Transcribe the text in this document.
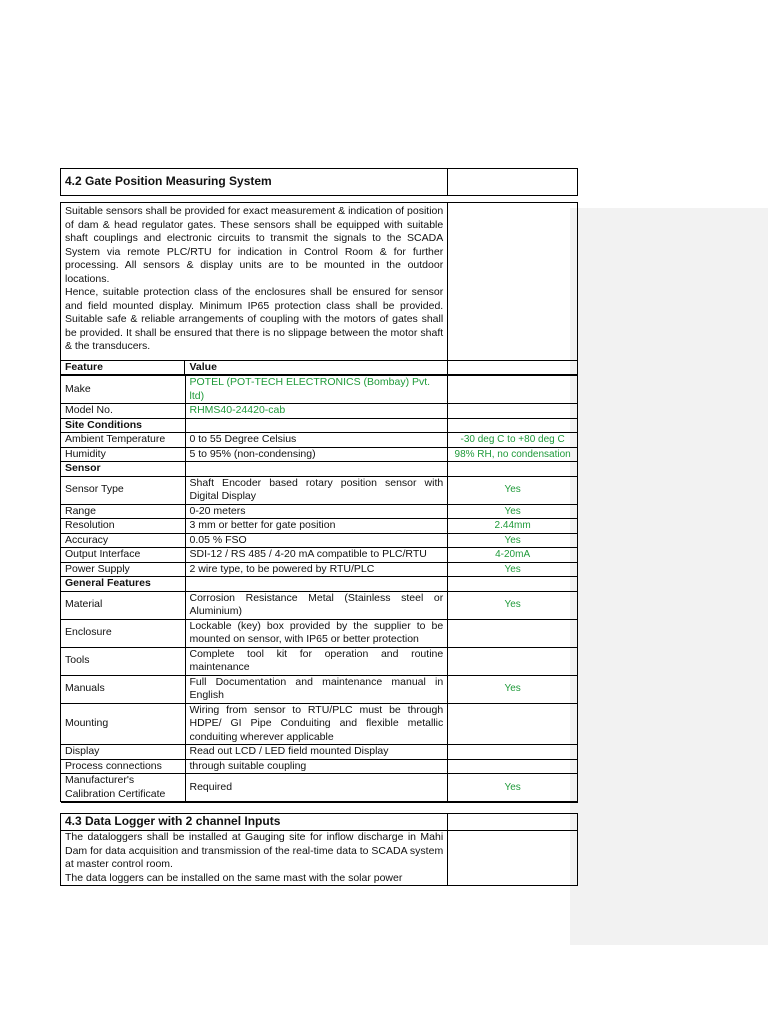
4.2 Gate Position Measuring System		

Suitable sensors shall be provided for exact measurement & indication of position of dam & head regulator gates. These sensors shall be equipped with suitable shaft couplings and electronic circuits to transmit the signals to the SCADA System via remote PLC/RTU for indication in Control Room & for further processing. All sensors & display units are to be mounted in the outdoor locations.
Hence, suitable protection class of the enclosures shall be ensured for sensor and field mounted display. Minimum IP65 protection class shall be provided. Suitable safe & reliable arrangements of coupling with the motors of gates shall be provided. It shall be ensured that there is no slippage between the motor shaft & the transducers.		
Feature	Value	
Make	POTEL (POT-TECH ELECTRONICS (Bombay) Pvt. ltd)	
Model No.	RHMS40-24420-cab	
Site Conditions		
Ambient Temperature	0 to 55 Degree Celsius	-30 deg C to +80 deg C
Humidity	5 to 95% (non-condensing)	98% RH, no condensation
Sensor		
Sensor Type	Shaft Encoder based rotary position sensor with Digital Display	Yes
Range	0-20 meters	Yes
Resolution	3 mm or better for gate position	2.44mm
Accuracy	0.05 % FSO	Yes
Output Interface	SDI-12 / RS 485 / 4-20 mA compatible to PLC/RTU	4-20mA
Power Supply	2 wire type, to be powered by RTU/PLC	Yes
General Features		
Material	Corrosion Resistance Metal (Stainless steel or Aluminium)	Yes
Enclosure	Lockable (key) box provided by the supplier to be mounted on sensor, with IP65 or better protection	
Tools	Complete tool kit for operation and routine maintenance	
Manuals	Full Documentation and maintenance manual in English	Yes
Mounting	Wiring from sensor to RTU/PLC must be through HDPE/ GI Pipe Conduiting and flexible metallic conduiting wherever applicable	
Display	Read out LCD / LED field mounted Display	
Process connections	through suitable coupling	
Manufacturer's Calibration Certificate	Required	Yes

4.3 Data Logger with 2 channel Inputs	
The dataloggers shall be installed at Gauging site for inflow discharge in Mahi Dam for data acquisition and transmission of the real-time data to SCADA system at master control room.
The data loggers can be installed on the same mast with the solar power	
